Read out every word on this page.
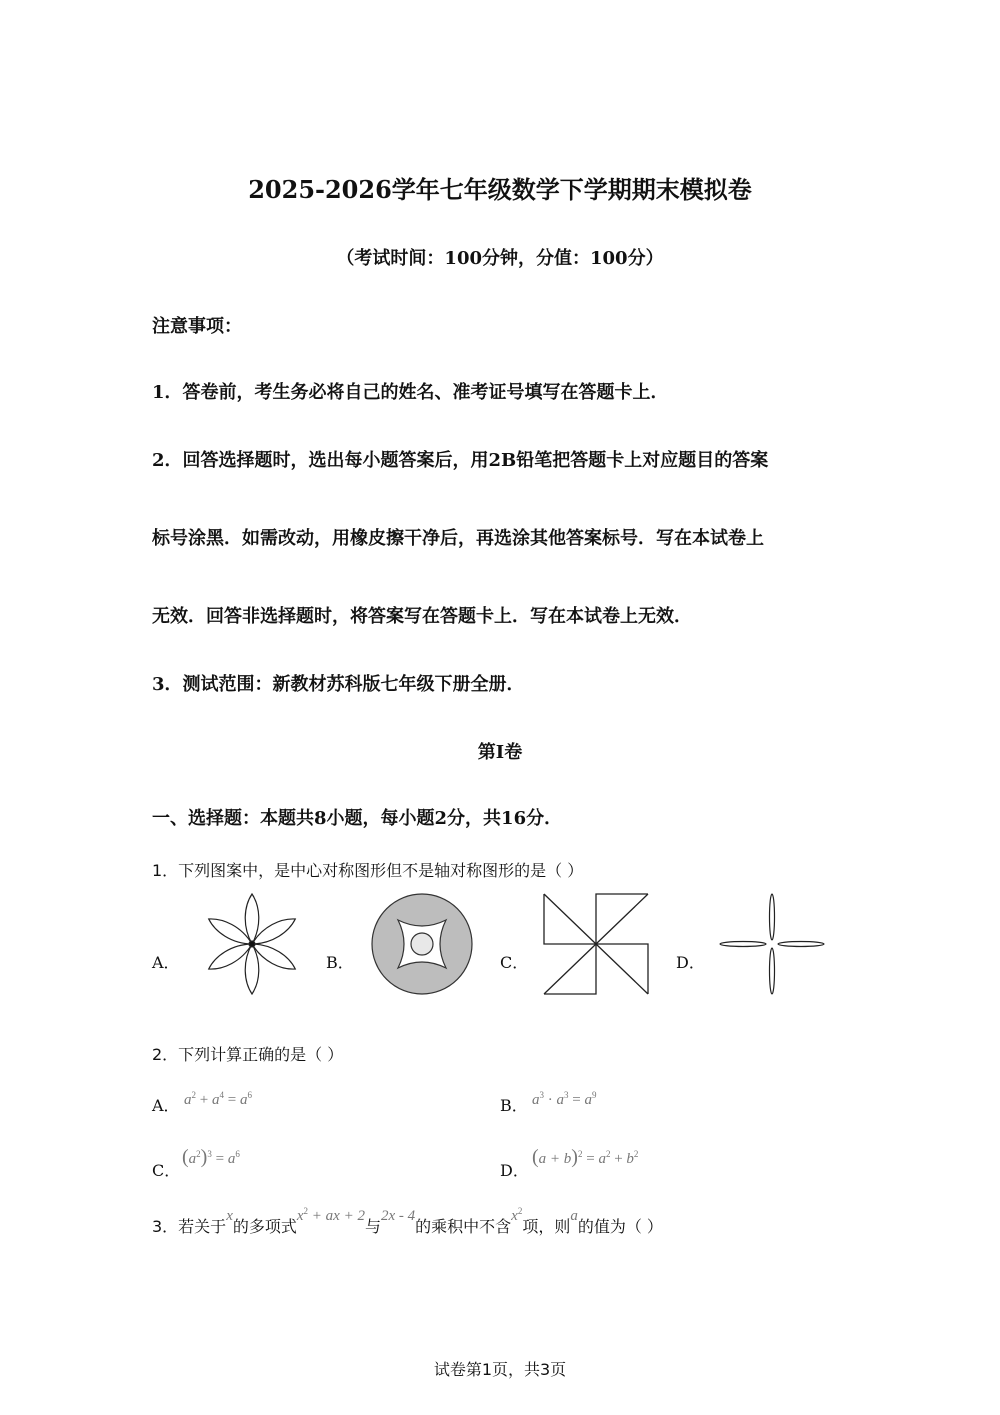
2025-2026学年七年级数学下学期期末模拟卷
（考试时间：100分钟，分值：100分）
注意事项：
1．答卷前，考生务必将自己的姓名、准考证号填写在答题卡上．
2．回答选择题时，选出每小题答案后，用2B铅笔把答题卡上对应题目的答案
标号涂黑．如需改动，用橡皮擦干净后，再选涂其他答案标号．写在本试卷上
无效．回答非选择题时，将答案写在答题卡上．写在本试卷上无效．
3．测试范围：新教材苏科版七年级下册全册．
第Ⅰ卷
一、选择题：本题共8小题，每小题2分，共16分．
1．下列图案中，是中心对称图形但不是轴对称图形的是（ ）
A．	B．	C．	D．
2．下列计算正确的是（ ）
A． $a^2 + a^4 = a^6$
B． $a^3 \cdot a^3 = a^9$
C．
$(a^2)^3 = a^6$
D．
$(a + b)^2 = a^2 + b^2$
3．若关于x的多项式$x^2$ + ax + 2与2x - 4的乘积中不含$x^2$项，则a的值为（ ）
试卷第1页，共3页
